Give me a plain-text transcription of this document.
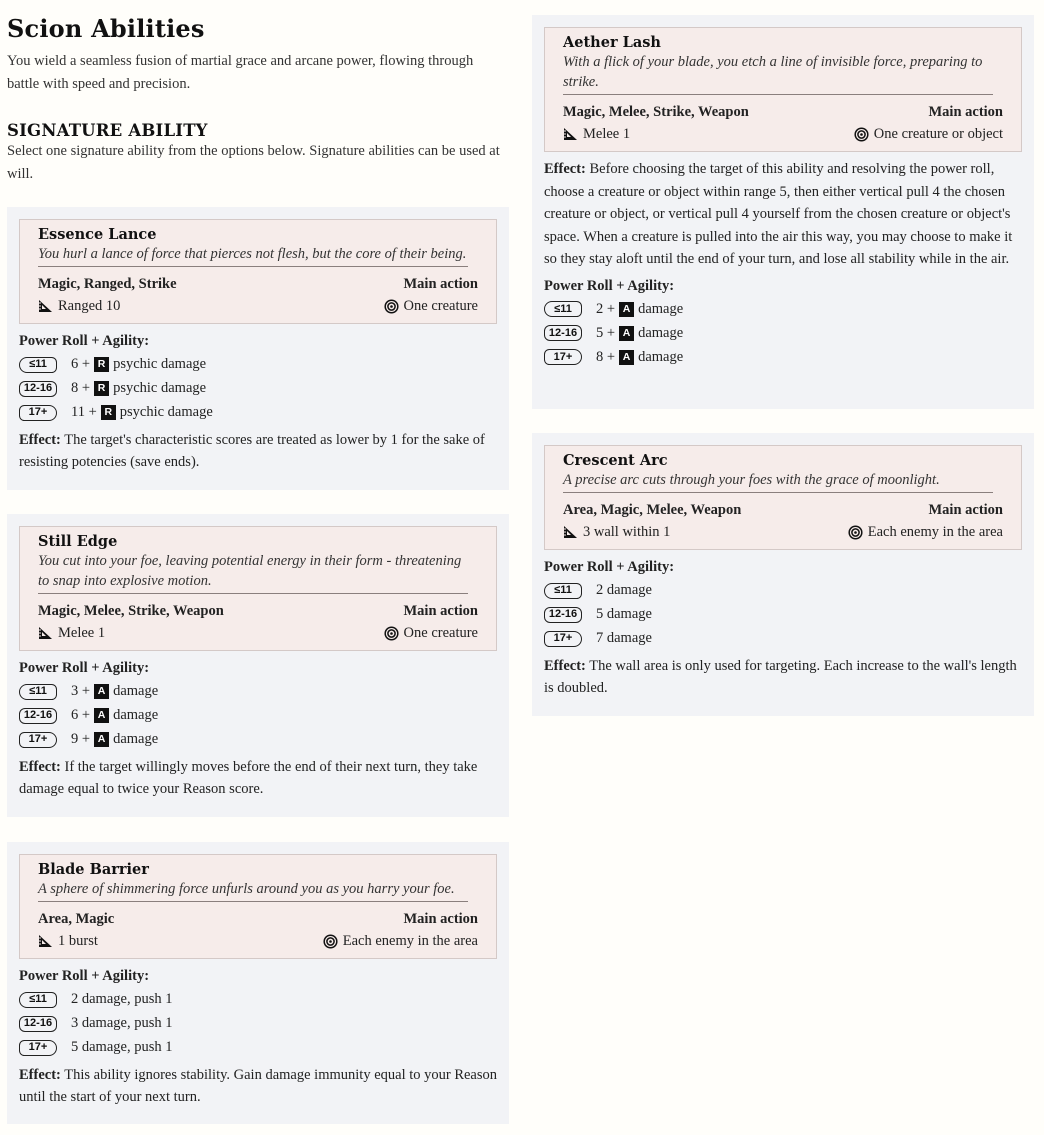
Scion Abilities

You wield a seamless fusion of martial grace and arcane power, flowing through battle with speed and precision.

SIGNATURE ABILITY

Select one signature ability from the options below. Signature abilities can be used at will.

Essence Lance
You hurl a lance of force that pierces not flesh, but the core of their being.
Magic, Ranged, Strike	Main action
Ranged 10	One creature
Power Roll + Agility:
≤11	6 + R psychic damage
12-16	8 + R psychic damage
17+	11 + R psychic damage
Effect: The target's characteristic scores are treated as lower by 1 for the sake of resisting potencies (save ends).
Still Edge
You cut into your foe, leaving potential energy in their form - threatening to snap into explosive motion.
Magic, Melee, Strike, Weapon	Main action
Melee 1	One creature
Power Roll + Agility:
≤11	3 + A damage
12-16	6 + A damage
17+	9 + A damage
Effect: If the target willingly moves before the end of their next turn, they take damage equal to twice your Reason score.
Blade Barrier
A sphere of shimmering force unfurls around you as you harry your foe.
Area, Magic	Main action
1 burst	Each enemy in the area
Power Roll + Agility:
≤11	2 damage, push 1
12-16	3 damage, push 1
17+	5 damage, push 1
Effect: This ability ignores stability. Gain damage immunity equal to your Reason until the start of your next turn.
Aether Lash
With a flick of your blade, you etch a line of invisible force, preparing to strike.
Magic, Melee, Strike, Weapon	Main action
Melee 1	One creature or object
Effect: Before choosing the target of this ability and resolving the power roll, choose a creature or object within range 5, then either vertical pull 4 the chosen creature or object, or vertical pull 4 yourself from the chosen creature or object's space. When a creature is pulled into the air this way, you may choose to make it so they stay aloft until the end of your turn, and lose all stability while in the air.
Power Roll + Agility:
≤11	2 + A damage
12-16	5 + A damage
17+	8 + A damage
Crescent Arc
A precise arc cuts through your foes with the grace of moonlight.
Area, Magic, Melee, Weapon	Main action
3 wall within 1	Each enemy in the area
Power Roll + Agility:
≤11	2 damage
12-16	5 damage
17+	7 damage
Effect: The wall area is only used for targeting. Each increase to the wall's length is doubled.
